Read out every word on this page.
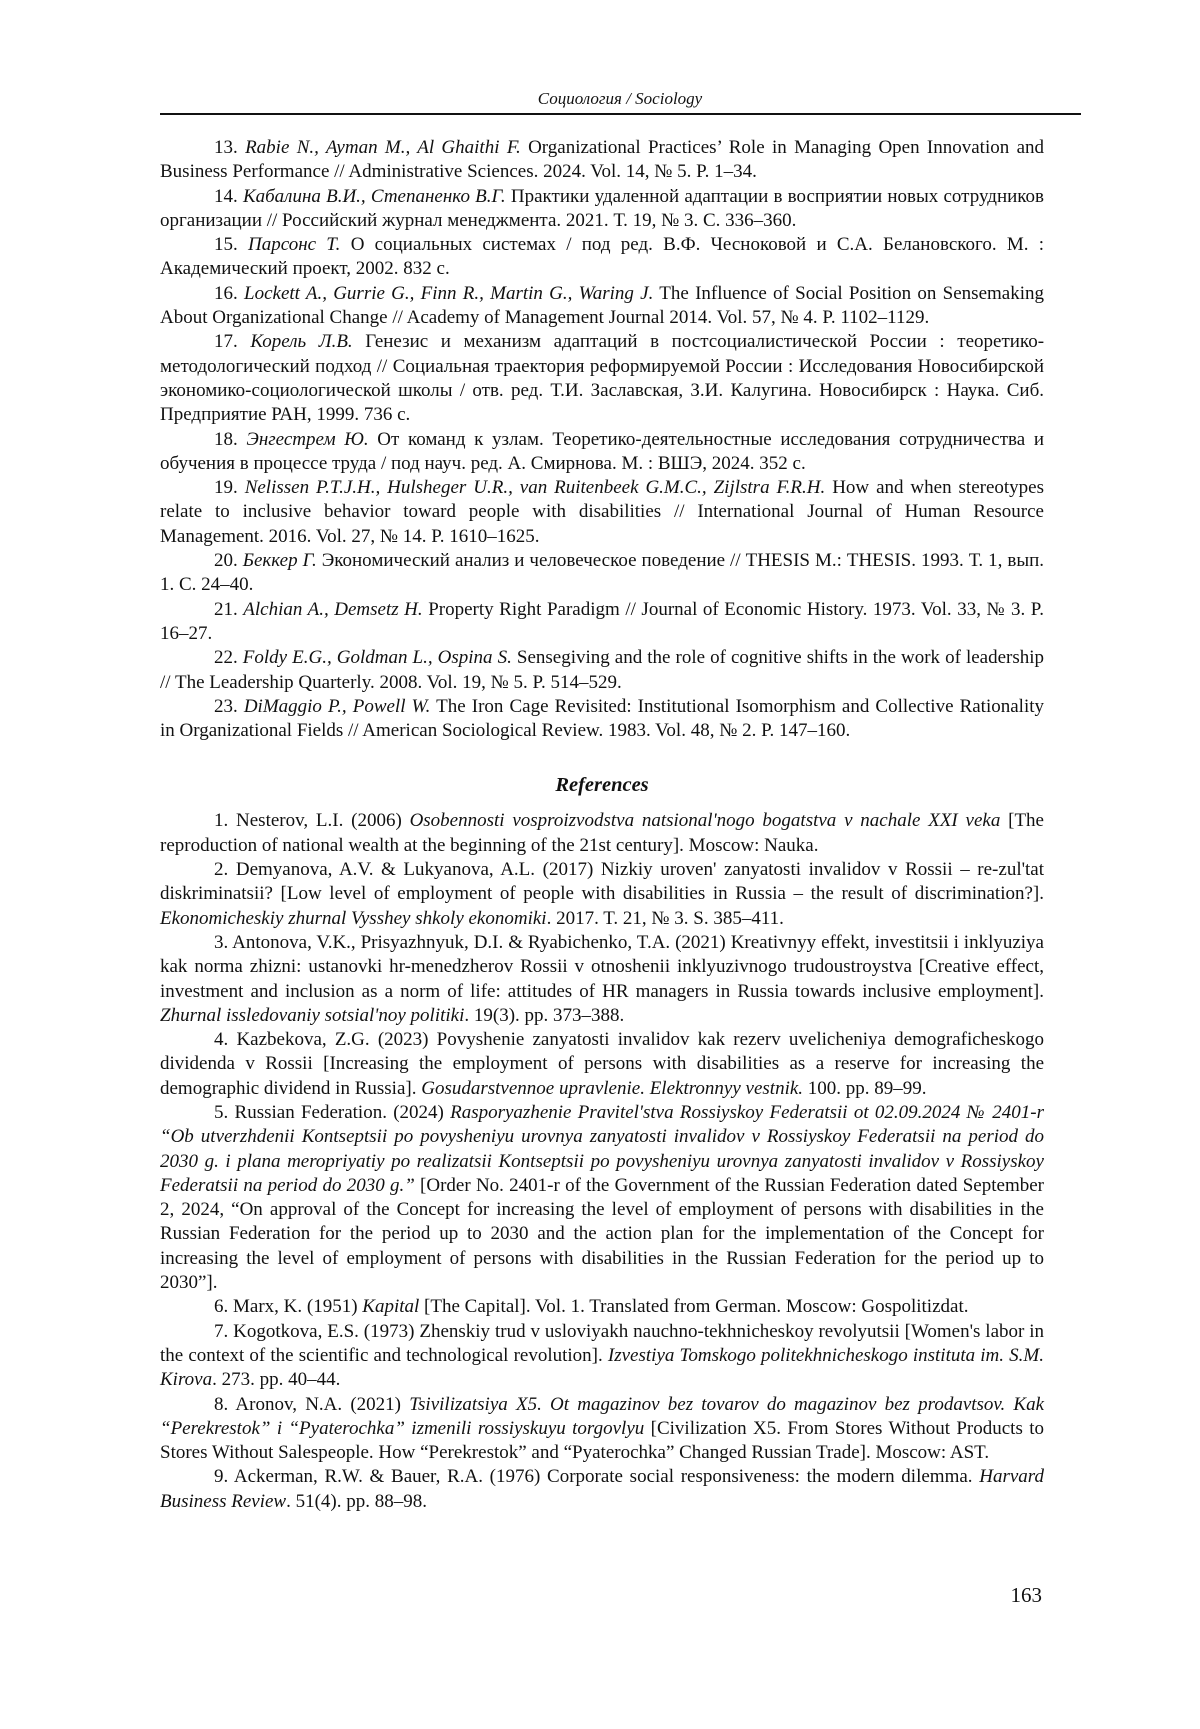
Социология / Sociology

13. Rabie N., Ayman M., Al Ghaithi F. Organizational Practices’ Role in Managing Open Innovation and Business Performance // Administrative Sciences. 2024. Vol. 14, № 5. P. 1–34.

14. Кабалина В.И., Степаненко В.Г. Практики удаленной адаптации в восприятии новых сотрудников организации // Российский журнал менеджмента. 2021. Т. 19, № 3. С. 336–360.

15. Парсонс Т. О социальных системах / под ред. В.Ф. Чесноковой и С.А. Белановского. М. : Академический проект, 2002. 832 с.

16. Lockett A., Gurrie G., Finn R., Martin G., Waring J. The Influence of Social Position on Sensemaking About Organizational Change // Academy of Management Journal 2014. Vol. 57, № 4. P. 1102–1129.

17. Корель Л.В. Генезис и механизм адаптаций в постсоциалистической России : теоретико-методологический подход // Социальная траектория реформируемой России : Исследования Новосибирской экономико-социологической школы / отв. ред. Т.И. Заславская, З.И. Калугина. Новосибирск : Наука. Сиб. Предприятие РАН, 1999. 736 с.

18. Энгестрем Ю. От команд к узлам. Теоретико-деятельностные исследования сотрудничества и обучения в процессе труда / под науч. ред. А. Смирнова. М. : ВШЭ, 2024. 352 с.

19. Nelissen P.T.J.H., Hulsheger U.R., van Ruitenbeek G.M.C., Zijlstra F.R.H. How and when stereotypes relate to inclusive behavior toward people with disabilities // International Journal of Human Resource Management. 2016. Vol. 27, № 14. P. 1610–1625.

20. Беккер Г. Экономический анализ и человеческое поведение // THESIS М.: THESIS. 1993. Т. 1, вып. 1. С. 24–40.

21. Alchian A., Demsetz H. Property Right Paradigm // Journal of Economic History. 1973. Vol. 33, № 3. P. 16–27.

22. Foldy E.G., Goldman L., Ospina S. Sensegiving and the role of cognitive shifts in the work of leadership // The Leadership Quarterly. 2008. Vol. 19, № 5. P. 514–529.

23. DiMaggio P., Powell W. The Iron Cage Revisited: Institutional Isomorphism and Collective Rationality in Organizational Fields // American Sociological Review. 1983. Vol. 48, № 2. P. 147–160.

References

1. Nesterov, L.I. (2006) Osobennosti vosproizvodstva natsional'nogo bogatstva v nachale XXI veka [The reproduction of national wealth at the beginning of the 21st century]. Moscow: Nauka.

2. Demyanova, A.V. & Lukyanova, A.L. (2017) Nizkiy uroven' zanyatosti invalidov v Rossii – re-zul'tat diskriminatsii? [Low level of employment of people with disabilities in Russia – the result of discrimination?]. Ekonomicheskiy zhurnal Vysshey shkoly ekonomiki. 2017. T. 21, № 3. S. 385–411.

3. Antonova, V.K., Prisyazhnyuk, D.I. & Ryabichenko, T.A. (2021) Kreativnyy effekt, investitsii i inklyuziya kak norma zhizni: ustanovki hr-menedzherov Rossii v otnoshenii inklyuzivnogo trudoustroystva [Creative effect, investment and inclusion as a norm of life: attitudes of HR managers in Russia towards inclusive employment]. Zhurnal issledovaniy sotsial'noy politiki. 19(3). pp. 373–388.

4. Kazbekova, Z.G. (2023) Povyshenie zanyatosti invalidov kak rezerv uvelicheniya demograficheskogo dividenda v Rossii [Increasing the employment of persons with disabilities as a reserve for increasing the demographic dividend in Russia]. Gosudarstvennoe upravlenie. Elektronnyy vestnik. 100. pp. 89–99.

5. Russian Federation. (2024) Rasporyazhenie Pravitel'stva Rossiyskoy Federatsii ot 02.09.2024 № 2401-r “Ob utverzhdenii Kontseptsii po povysheniyu urovnya zanyatosti invalidov v Rossiyskoy Federatsii na period do 2030 g. i plana meropriyatiy po realizatsii Kontseptsii po povysheniyu urovnya zanyatosti invalidov v Rossiyskoy Federatsii na period do 2030 g.” [Order No. 2401-r of the Government of the Russian Federation dated September 2, 2024, “On approval of the Concept for increasing the level of employment of persons with disabilities in the Russian Federation for the period up to 2030 and the action plan for the implementation of the Concept for increasing the level of employment of persons with disabilities in the Russian Federation for the period up to 2030”].

6. Marx, K. (1951) Kapital [The Capital]. Vol. 1. Translated from German. Moscow: Gospolitizdat.

7. Kogotkova, E.S. (1973) Zhenskiy trud v usloviyakh nauchno-tekhnicheskoy revolyutsii [Women's labor in the context of the scientific and technological revolution]. Izvestiya Tomskogo politekhnicheskogo instituta im. S.M. Kirova. 273. pp. 40–44.

8. Aronov, N.A. (2021) Tsivilizatsiya X5. Ot magazinov bez tovarov do magazinov bez prodavtsov. Kak “Perekrestok” i “Pyaterochka” izmenili rossiyskuyu torgovlyu [Civilization X5. From Stores Without Products to Stores Without Salespeople. How “Perekrestok” and “Pyaterochka” Changed Russian Trade]. Moscow: AST.

9. Ackerman, R.W. & Bauer, R.A. (1976) Corporate social responsiveness: the modern dilemma. Harvard Business Review. 51(4). pp. 88–98.

163
